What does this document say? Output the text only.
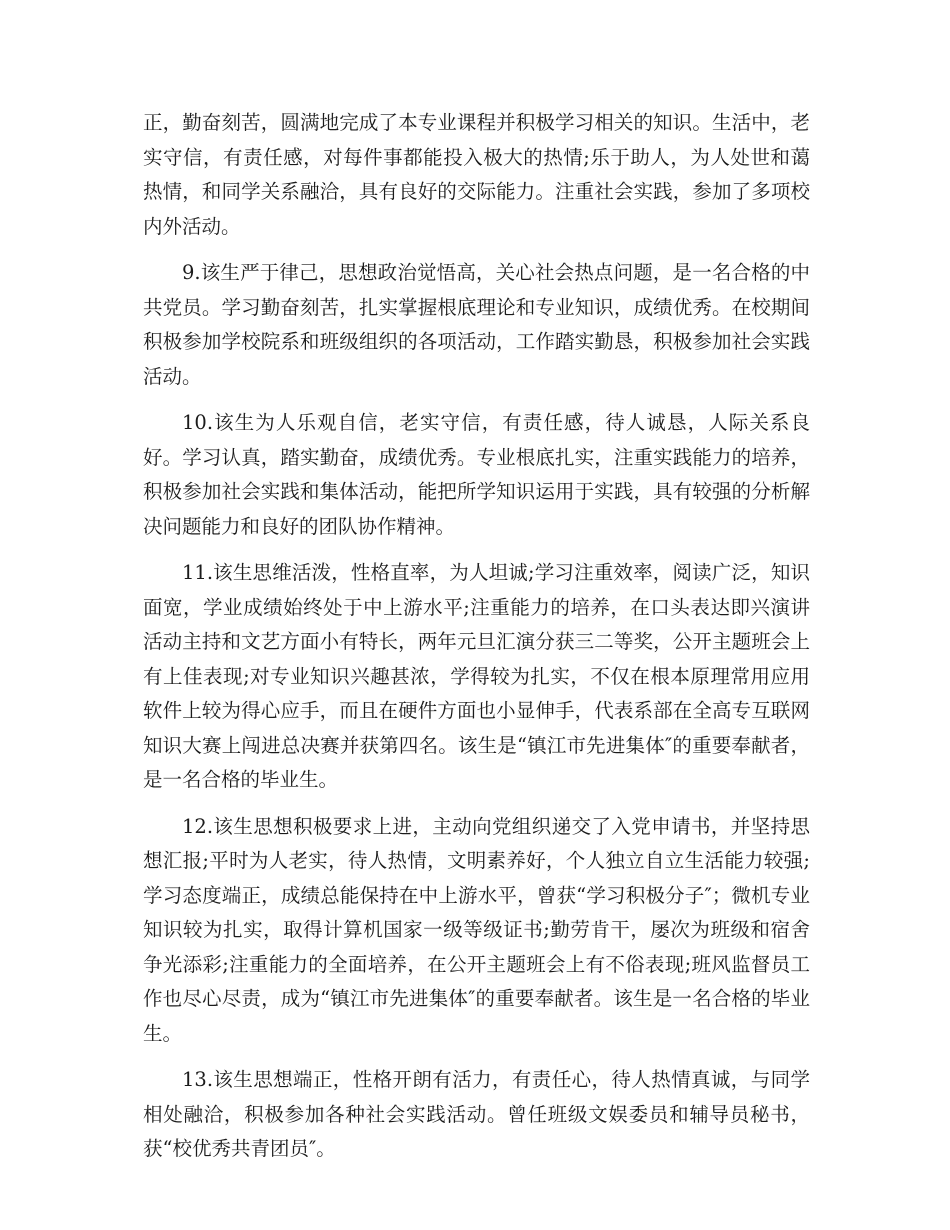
正，勤奋刻苦，圆满地完成了本专业课程并积极学习相关的知识。生活中，老实守信，有责任感，对每件事都能投入极大的热情;乐于助人，为人处世和蔼热情，和同学关系融洽，具有良好的交际能力。注重社会实践，参加了多项校内外活动。

9.该生严于律己，思想政治觉悟高，关心社会热点问题，是一名合格的中共党员。学习勤奋刻苦，扎实掌握根底理论和专业知识，成绩优秀。在校期间积极参加学校院系和班级组织的各项活动，工作踏实勤恳，积极参加社会实践活动。

10.该生为人乐观自信，老实守信，有责任感，待人诚恳，人际关系良好。学习认真，踏实勤奋，成绩优秀。专业根底扎实，注重实践能力的培养，积极参加社会实践和集体活动，能把所学知识运用于实践，具有较强的分析解决问题能力和良好的团队协作精神。

11.该生思维活泼，性格直率，为人坦诚;学习注重效率，阅读广泛，知识面宽，学业成绩始终处于中上游水平;注重能力的培养，在口头表达即兴演讲活动主持和文艺方面小有特长，两年元旦汇演分获三二等奖，公开主题班会上有上佳表现;对专业知识兴趣甚浓，学得较为扎实，不仅在根本原理常用应用软件上较为得心应手，而且在硬件方面也小显伸手，代表系部在全高专互联网知识大赛上闯进总决赛并获第四名。该生是“镇江市先进集体″的重要奉献者，是一名合格的毕业生。

12.该生思想积极要求上进，主动向党组织递交了入党申请书，并坚持思想汇报;平时为人老实，待人热情，文明素养好，个人独立自立生活能力较强;学习态度端正，成绩总能保持在中上游水平，曾获“学习积极分子″；微机专业知识较为扎实，取得计算机国家一级等级证书;勤劳肯干，屡次为班级和宿舍争光添彩;注重能力的全面培养，在公开主题班会上有不俗表现;班风监督员工作也尽心尽责，成为“镇江市先进集体″的重要奉献者。该生是一名合格的毕业生。

13.该生思想端正，性格开朗有活力，有责任心，待人热情真诚，与同学相处融洽，积极参加各种社会实践活动。曾任班级文娱委员和辅导员秘书，获“校优秀共青团员″。
